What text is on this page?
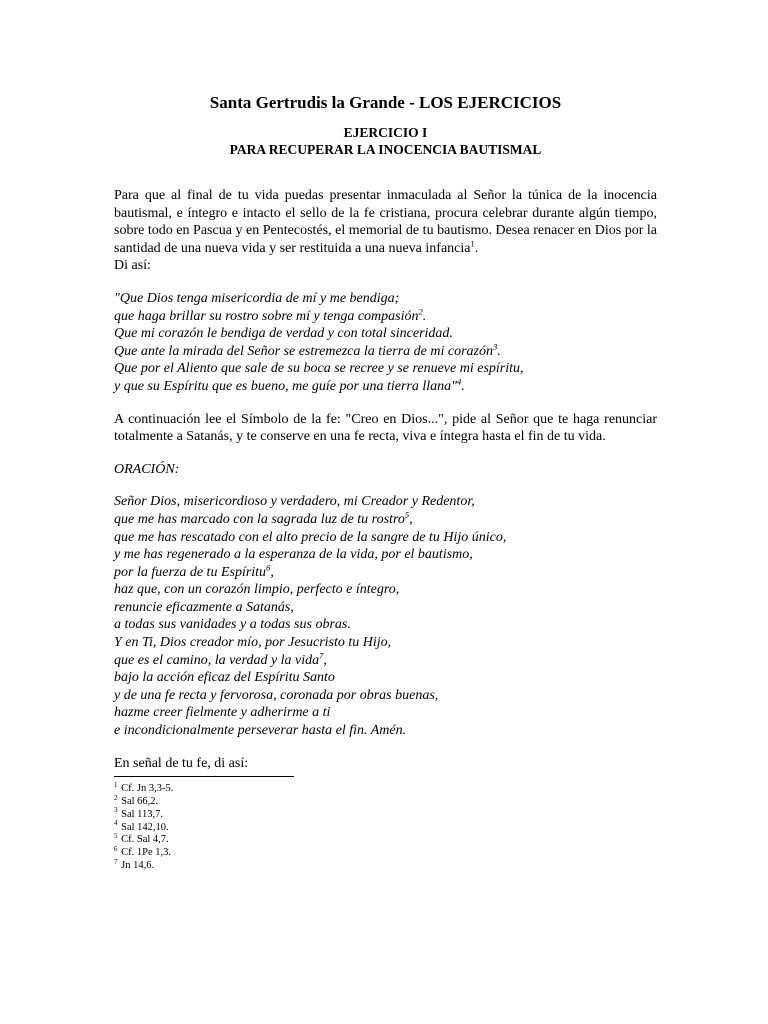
Santa Gertrudis la Grande - LOS EJERCICIOS
EJERCICIO I
PARA RECUPERAR LA INOCENCIA BAUTISMAL
Para que al final de tu vida puedas presentar inmaculada al Señor la túnica de la inocencia bautismal, e íntegro e intacto el sello de la fe cristiana, procura celebrar durante algún tiempo, sobre todo en Pascua y en Pentecostés, el memorial de tu bautismo. Desea renacer en Dios por la santidad de una nueva vida y ser restituida a una nueva infancia$^1$.
Di así:
"Que Dios tenga misericordia de mí y me bendiga;
que haga brillar su rostro sobre mí y tenga compasión$^2$.
Que mi corazón le bendiga de verdad y con total sinceridad.
Que ante la mirada del Señor se estremezca la tierra de mi corazón$^3$.
Que por el Aliento que sale de su boca se recree y se renueve mi espíritu,
y que su Espíritu que es bueno, me guíe por una tierra llana"$^4$.
A continuación lee el Símbolo de la fe: "Creo en Dios...", pide al Señor que te haga renunciar totalmente a Satanás, y te conserve en una fe recta, viva e íntegra hasta el fin de tu vida.
ORACIÓN:
Señor Dios, misericordioso y verdadero, mi Creador y Redentor,
que me has marcado con la sagrada luz de tu rostro$^5$,
que me has rescatado con el alto precio de la sangre de tu Hijo único,
y me has regenerado a la esperanza de la vida, por el bautismo,
por la fuerza de tu Espíritu$^6$,
haz que, con un corazón limpio, perfecto e íntegro,
renuncie eficazmente a Satanás,
a todas sus vanidades y a todas sus obras.
Y en Ti, Dios creador mío, por Jesucristo tu Hijo,
que es el camino, la verdad y la vida$^7$,
bajo la acción eficaz del Espíritu Santo
y de una fe recta y fervorosa, coronada por obras buenas,
hazme creer fielmente y adherirme a ti
e incondicionalmente perseverar hasta el fin. Amén.
En señal de tu fe, di así:
$^1$ Cf. Jn 3,3-5.
$^2$ Sal 66,2.
$^3$ Sal 113,7.
$^4$ Sal 142,10.
$^5$ Cf. Sal 4,7.
$^6$ Cf. 1Pe 1,3.
$^7$ Jn 14,6.
